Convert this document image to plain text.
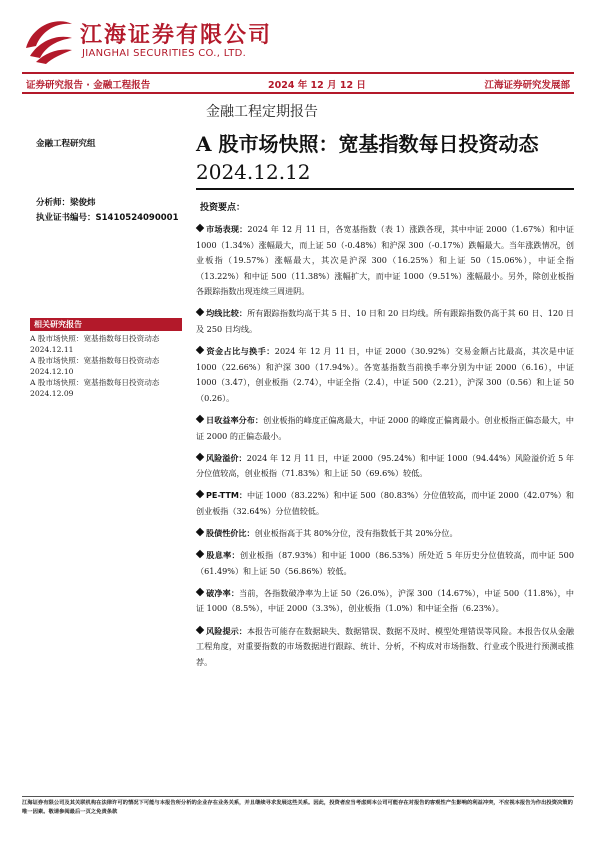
江海证券有限公司
JIANGHAI SECURITIES CO., LTD.
证券研究报告 · 金融工程报告	2024 年 12 月 12 日	江海证券研究发展部
金融工程定期报告
A 股市场快照：宽基指数每日投资动态
2024.12.12
金融工程研究组
分析师：梁俊炜
执业证书编号：S1410524090001
相关研究报告
A 股市场快照：宽基指数每日投资动态 2024.12.11
A 股市场快照：宽基指数每日投资动态 2024.12.10
A 股市场快照：宽基指数每日投资动态 2024.12.09
投资要点：

市场表现：2024 年 12 月 11 日，各宽基指数（表 1）涨跌各现，其中中证 2000（1.67%）和中证 1000（1.34%）涨幅最大，而上证 50（-0.48%）和沪深 300（-0.17%）跌幅最大。当年涨跌情况，创业板指（19.57%）涨幅最大，其次是沪深 300（16.25%）和上证 50（15.06%），中证全指（13.22%）和中证 500（11.38%）涨幅扩大，而中证 1000（9.51%）涨幅最小。另外，除创业板指各跟踪指数出现连续三周进阴。

均线比较：所有跟踪指数均高于其 5 日、10 日和 20 日均线。所有跟踪指数仍高于其 60 日、120 日及 250 日均线。

资金占比与换手：2024 年 12 月 11 日，中证 2000（30.92%）交易金额占比最高，其次是中证 1000（22.66%）和沪深 300（17.94%）。各宽基指数当前换手率分别为中证 2000（6.16），中证 1000（3.47），创业板指（2.74），中证全指（2.4），中证 500（2.21），沪深 300（0.56）和上证 50（0.26）。

日收益率分布：创业板指的峰度正偏离最大，中证 2000 的峰度正偏离最小。创业板指正偏态最大，中证 2000 的正偏态最小。

风险溢价：2024 年 12 月 11 日，中证 2000（95.24%）和中证 1000（94.44%）风险溢价近 5 年分位值较高，创业板指（71.83%）和上证 50（69.6%）较低。

PE-TTM：中证 1000（83.22%）和中证 500（80.83%）分位值较高，而中证 2000（42.07%）和创业板指（32.64%）分位值较低。

股债性价比：创业板指高于其 80%分位，没有指数低于其 20%分位。

股息率：创业板指（87.93%）和中证 1000（86.53%）所处近 5 年历史分位值较高，而中证 500（61.49%）和上证 50（56.86%）较低。

破净率：当前，各指数破净率为上证 50（26.0%），沪深 300（14.67%），中证 500（11.8%），中证 1000（8.5%），中证 2000（3.3%），创业板指（1.0%）和中证全指（6.23%）。

风险提示：本报告可能存在数据缺失、数据错误、数据不及时、模型处理错误等风险。本报告仅从金融工程角度，对重要指数的市场数据进行跟踪、统计、分析，不构成对市场指数、行业或个股进行预测或推荐。

江海证券有限公司及其关联机构在法律许可的情况下可能与本报告所分析的企业存在业务关系，并且继续寻求发展这些关系。因此，投资者应当考虑到本公司可能存在对报告的客观性产生影响的利益冲突，不应视本报告为作出投资决策的唯一因素。敬请参阅最后一页之免责条款
